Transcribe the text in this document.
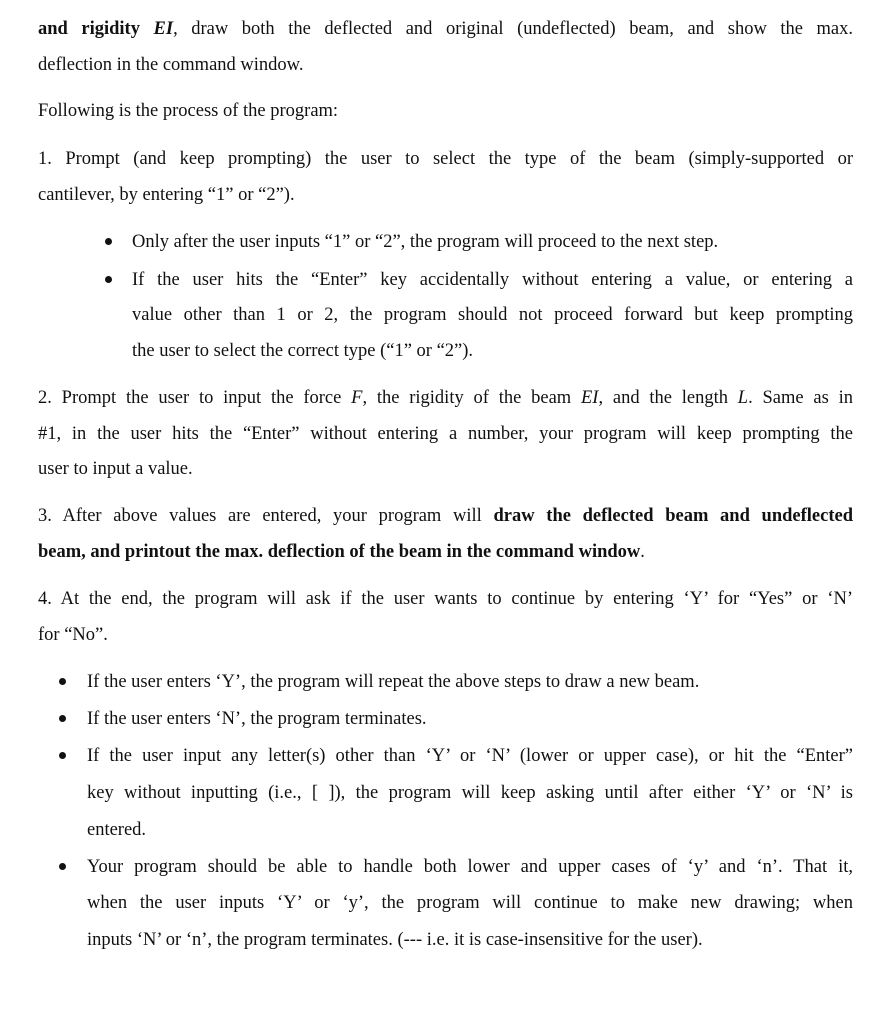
and rigidity EI, draw both the deflected and original (undeflected) beam, and show the max.
deflection in the command window.
Following is the process of the program:
1. Prompt (and keep prompting) the user to select the type of the beam (simply-supported or
cantilever, by entering “1” or “2”).
Only after the user inputs “1” or “2”, the program will proceed to the next step.
If the user hits the “Enter” key accidentally without entering a value, or entering a
value other than 1 or 2, the program should not proceed forward but keep prompting
the user to select the correct type (“1” or “2”).
2. Prompt the user to input the force F, the rigidity of the beam EI, and the length L. Same as in
#1, in the user hits the “Enter” without entering a number, your program will keep prompting the
user to input a value.
3. After above values are entered, your program will draw the deflected beam and undeflected
beam, and printout the max. deflection of the beam in the command window.
4. At the end, the program will ask if the user wants to continue by entering ‘Y’ for “Yes” or ‘N’
for “No”.
If the user enters ‘Y’, the program will repeat the above steps to draw a new beam.
If the user enters ‘N’, the program terminates.
If the user input any letter(s) other than ‘Y’ or ‘N’ (lower or upper case), or hit the “Enter”
key without inputting (i.e., [ ]), the program will keep asking until after either ‘Y’ or ‘N’ is
entered.
Your program should be able to handle both lower and upper cases of ‘y’ and ‘n’. That it,
when the user inputs ‘Y’ or ‘y’, the program will continue to make new drawing; when
inputs ‘N’ or ‘n’, the program terminates. (--- i.e. it is case-insensitive for the user).
